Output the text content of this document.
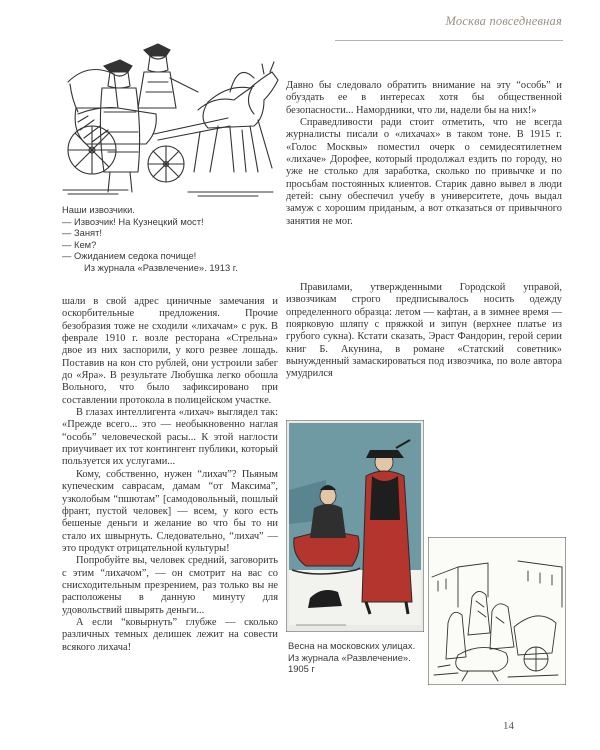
Москва повседневная
Наши извозчики.
— Извозчик! На Кузнецкий мост!
— Занят!
— Кем?
— Ожиданием седока почище!
Из журнала «Развлечение». 1913 г.

Давно бы следовало обратить внимание на эту “особь” и обуздать ее в интересах хотя бы общественной безопасности... Намордники, что ли, надели бы на них!»

Справедливости ради стоит отметить, что не всегда журналисты писали о «лихачах» в таком тоне. В 1915 г. «Голос Москвы» поместил очерк о семидесятилетнем «лихаче» Дорофее, который продолжал ездить по городу, но уже не столько для заработка, сколько по привычке и по просьбам постоянных клиентов. Старик давно вывел в люди детей: сыну обеспечил учебу в университете, дочь выдал замуж с хорошим приданым, а вот отказаться от привычного занятия не мог.

шали в свой адрес циничные замечания и оскорбительные предложения. Прочие безобразия тоже не сходили «лихачам» с рук. В феврале 1910 г. возле ресторана «Стрельна» двое из них заспорили, у кого резвее лошадь. Поставив на кон сто рублей, они устроили забег до «Яра». В результате Любушка легко обошла Вольного, что было зафиксировано при составлении протокола в полицейском участке.

В глазах интеллигента «лихач» выглядел так: «Прежде всего... это — необыкновенно наглая “особь” человеческой расы... К этой наглости приучивает их тот контингент публики, который пользуется их услугами...

Кому, собственно, нужен “лихач”? Пьяным купеческим саврасам, дамам “от Максима”, узколобым “пшютам” [самодовольный, пошлый франт, пустой человек] — всем, у кого есть бешеные деньги и желание во что бы то ни стало их швырнуть. Следовательно, “лихач” — это продукт отрицательной культуры!

Попробуйте вы, человек средний, заговорить с этим “лихачом”, — он смотрит на вас со снисходительным презрением, раз только вы не расположены в данную минуту для удовольствий швырять деньги...

А если “ковырнуть” глубже — сколько различных темных делишек лежит на совести всякого лихача!

Правилами, утвержденными Городской управой, извозчикам строго предписывалось носить одежду определенного образца: летом — кафтан, а в зимнее время — поярковую шляпу с пряжкой и зипун (верхнее платье из грубого сукна). Кстати сказать, Эраст Фандорин, герой серии книг Б. Акунина, в романе «Статский советник» вынужденный замаскироваться под извозчика, по воле автора умудрился

Весна на московских улицах.
Из журнала «Развлечение».
1905 г
14
